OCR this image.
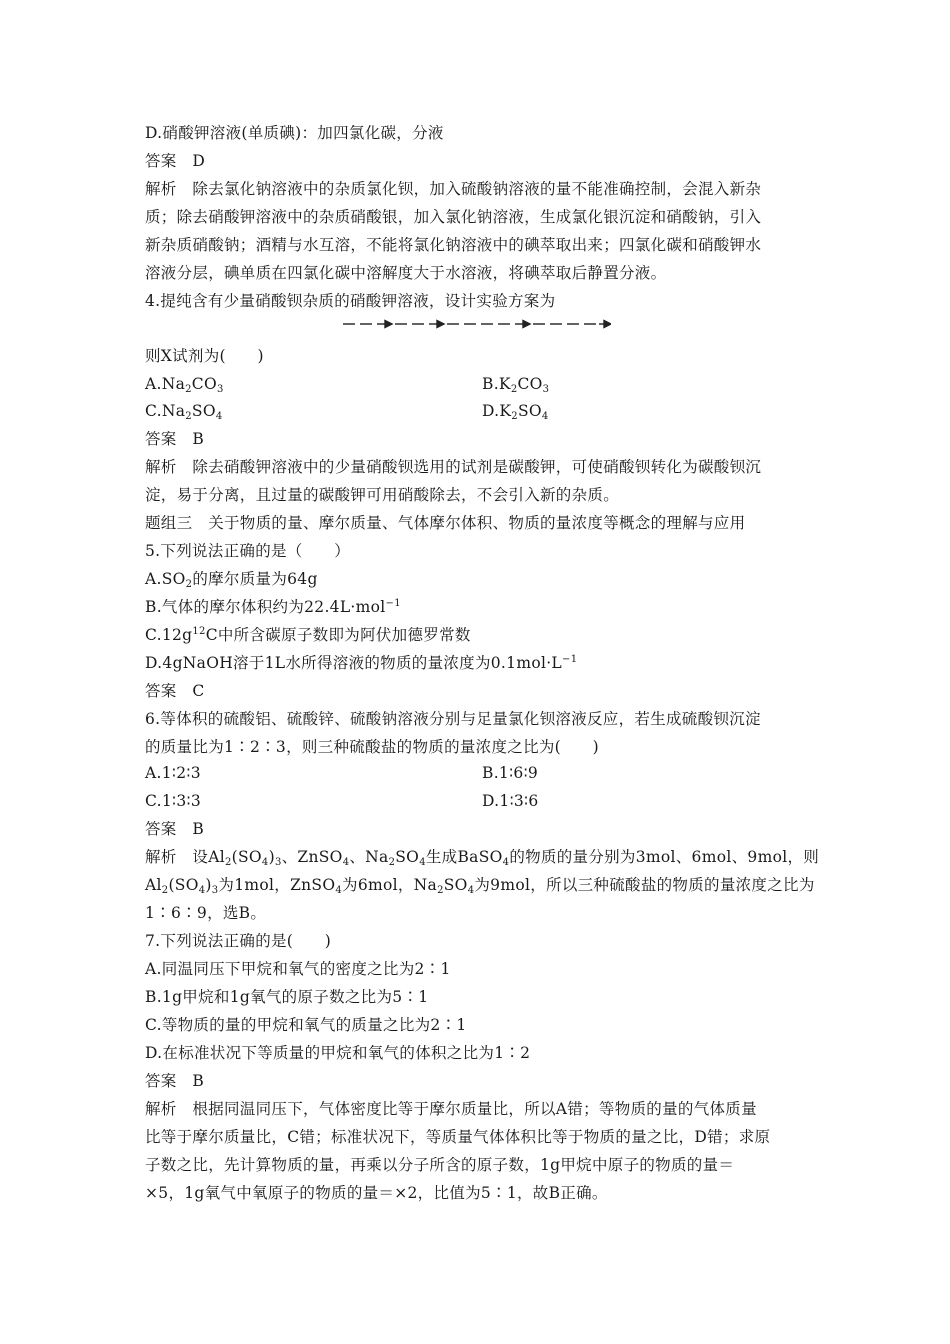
D.硝酸钾溶液(单质碘)：加四氯化碳，分液
答案　D
解析　除去氯化钠溶液中的杂质氯化钡，加入硫酸钠溶液的量不能准确控制，会混入新杂
质；除去硝酸钾溶液中的杂质硝酸银，加入氯化钠溶液，生成氯化银沉淀和硝酸钠，引入
新杂质硝酸钠；酒精与水互溶，不能将氯化钠溶液中的碘萃取出来；四氯化碳和硝酸钾水
溶液分层，碘单质在四氯化碳中溶解度大于水溶液，将碘萃取后静置分液。
4.提纯含有少量硝酸钡杂质的硝酸钾溶液，设计实验方案为
则X试剂为(　　)
$A.Na_2CO_3$	$B.K_2CO_3$
$C.Na_2SO_4$	$D.K_2SO_4$
答案　B
解析　除去硝酸钾溶液中的少量硝酸钡选用的试剂是碳酸钾，可使硝酸钡转化为碳酸钡沉
淀，易于分离，且过量的碳酸钾可用硝酸除去，不会引入新的杂质。
题组三　关于物质的量、摩尔质量、气体摩尔体积、物质的量浓度等概念的理解与应用
5.下列说法正确的是（　　）
$A.SO_2$的摩尔质量为64g
B.气体的摩尔体积约为22.4L·mol$^{-1}$
$C.12g^{12}C$中所含碳原子数即为阿伏加德罗常数
D.4gNaOH溶于1L水所得溶液的物质的量浓度为$0.1mol\cdot L^{-1}$
答案　C
6.等体积的硫酸铝、硫酸锌、硫酸钠溶液分别与足量氯化钡溶液反应，若生成硫酸钡沉淀
的质量比为1∶2∶3，则三种硫酸盐的物质的量浓度之比为(　　)
A.1∶2∶3	B.1∶6∶9
C.1∶3∶3	D.1∶3∶6
答案　B
解析　设$Al_2(SO_4)_3$、ZnSO$_4$、$Na_2SO_4$生成BaSO$_4$的物质的量分别为3mol、6mol、9mol，则
$Al_2(SO_4)_3$为1mol，ZnSO$_4$为6mol，$Na_2SO_4$为9mol，所以三种硫酸盐的物质的量浓度之比为
1∶6∶9，选B。
7.下列说法正确的是(　　)
A.同温同压下甲烷和氧气的密度之比为2∶1
B.1g甲烷和1g氧气的原子数之比为5∶1
C.等物质的量的甲烷和氧气的质量之比为2∶1
D.在标准状况下等质量的甲烷和氧气的体积之比为1∶2
答案　B
解析　根据同温同压下，气体密度比等于摩尔质量比，所以A错；等物质的量的气体质量
比等于摩尔质量比，C错；标准状况下，等质量气体体积比等于物质的量之比，D错；求原
子数之比，先计算物质的量，再乘以分子所含的原子数，1g甲烷中原子的物质的量＝
×5，1g氧气中氧原子的物质的量＝×2，比值为5∶1，故B正确。
